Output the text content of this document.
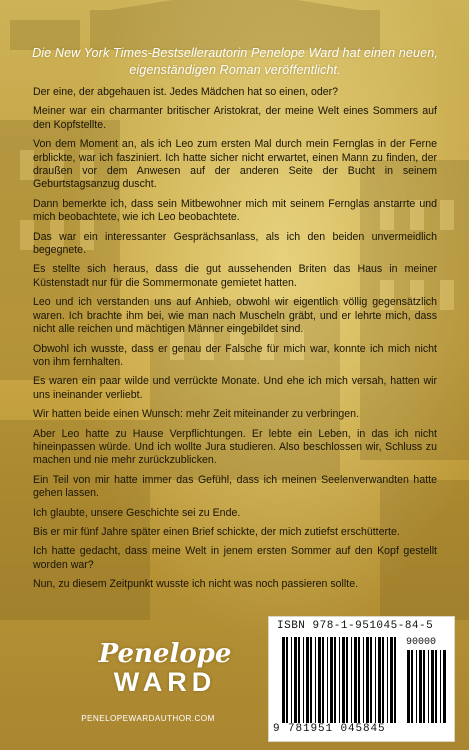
Die New York Times-Bestsellerautorin Penelope Ward hat einen neuen, eigenständigen Roman veröffentlicht.

Der eine, der abgehauen ist. Jedes Mädchen hat so einen, oder?

Meiner war ein charmanter britischer Aristokrat, der meine Welt eines Sommers auf den Kopfstellte.

Von dem Moment an, als ich Leo zum ersten Mal durch mein Fernglas in der Ferne erblickte, war ich fasziniert. Ich hatte sicher nicht erwartet, einen Mann zu finden, der draußen vor dem Anwesen auf der anderen Seite der Bucht in seinem Geburtstagsanzug duscht.

Dann bemerkte ich, dass sein Mitbewohner mich mit seinem Fernglas anstarrte und mich beobachtete, wie ich Leo beobachtete.

Das war ein interessanter Gesprächsanlass, als ich den beiden unvermeidlich begegnete.

Es stellte sich heraus, dass die gut aussehenden Briten das Haus in meiner Küstenstadt nur für die Sommermonate gemietet hatten.

Leo und ich verstanden uns auf Anhieb, obwohl wir eigentlich völlig gegensätzlich waren. Ich brachte ihm bei, wie man nach Muscheln gräbt, und er lehrte mich, dass nicht alle reichen und mächtigen Männer eingebildet sind.

Obwohl ich wusste, dass er genau der Falsche für mich war, konnte ich mich nicht von ihm fernhalten.

Es waren ein paar wilde und verrückte Monate. Und ehe ich mich versah, hatten wir uns ineinander verliebt.

Wir hatten beide einen Wunsch: mehr Zeit miteinander zu verbringen.

Aber Leo hatte zu Hause Verpflichtungen. Er lebte ein Leben, in das ich nicht hineinpassen würde. Und ich wollte Jura studieren. Also beschlossen wir, Schluss zu machen und nie mehr zurückzublicken.

Ein Teil von mir hatte immer das Gefühl, dass ich meinen Seelenverwandten hatte gehen lassen.

Ich glaubte, unsere Geschichte sei zu Ende.

Bis er mir fünf Jahre später einen Brief schickte, der mich zutiefst erschütterte.

Ich hatte gedacht, dass meine Welt in jenem ersten Sommer auf den Kopf gestellt worden war?

Nun, zu diesem Zeitpunkt wusste ich nicht was noch passieren sollte.

Penelope
WARD
PENELOPEWARDAUTHOR.COM
ISBN 978-1-951045-84-5
90000
9 781951 045845
